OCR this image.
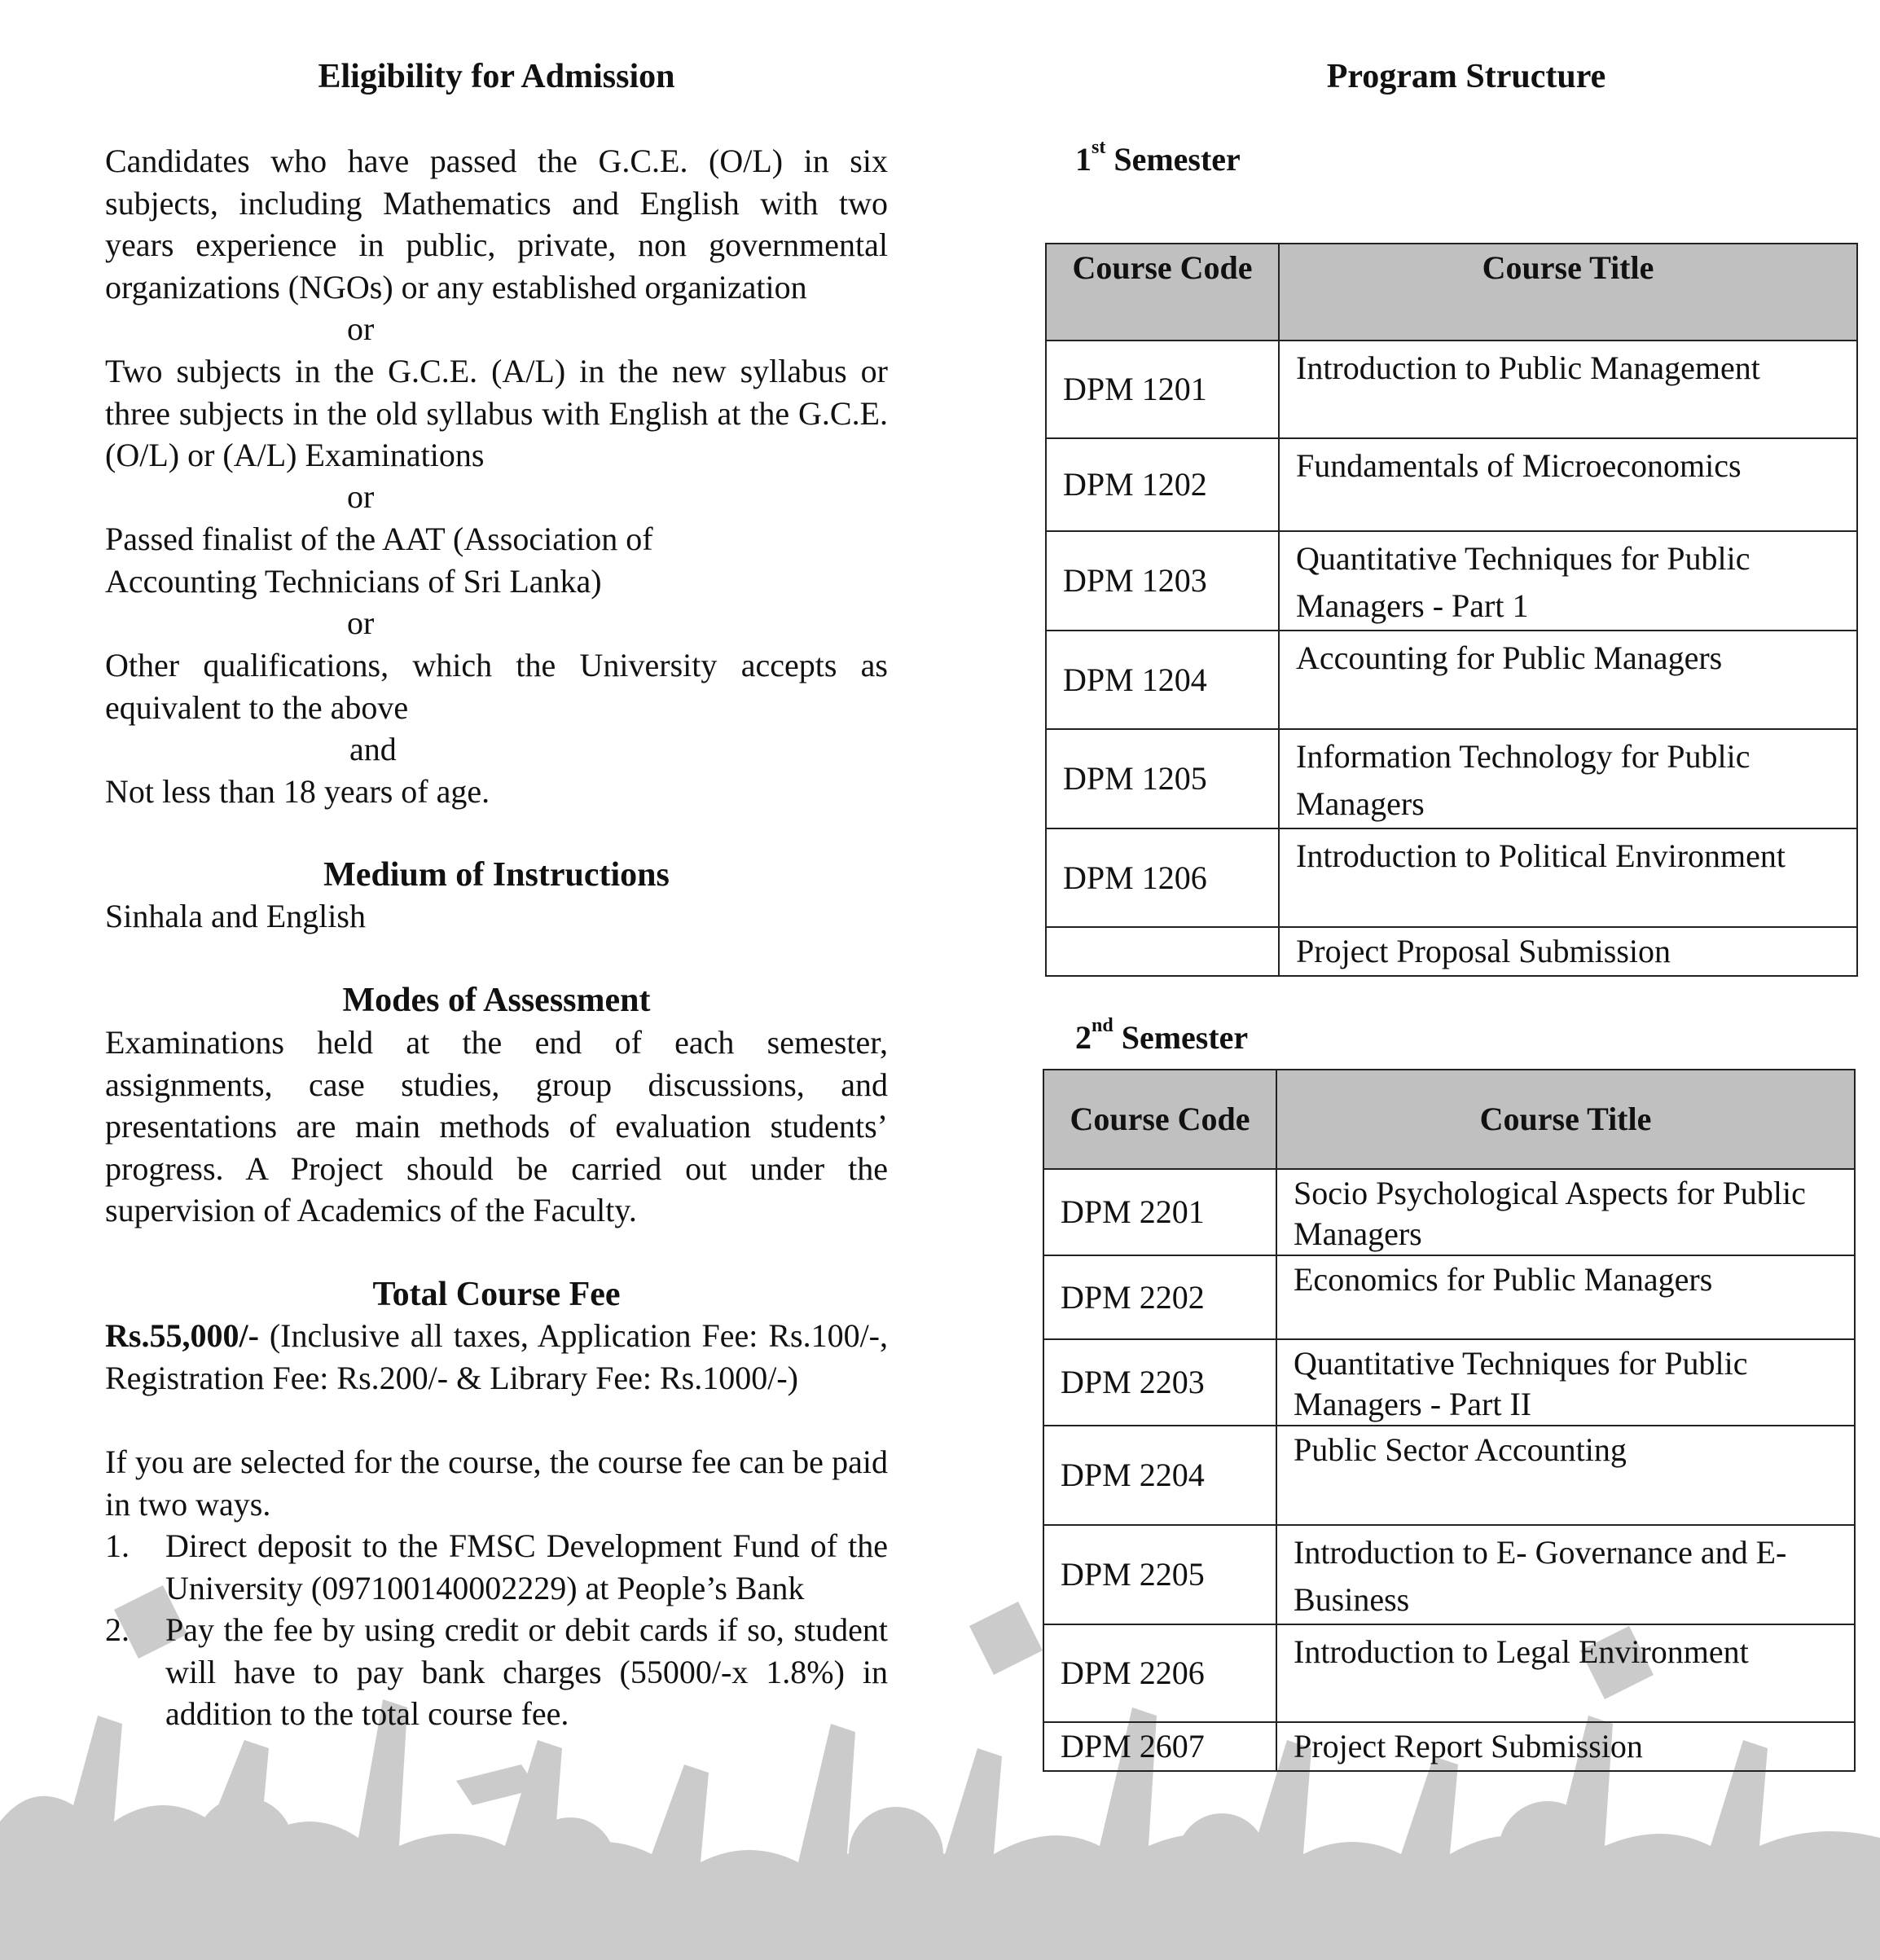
Eligibility for Admission
Candidates who have passed the G.C.E. (O/L) in six subjects, including Mathematics and English with two years experience in public, private, non governmental organizations (NGOs) or any established organization
or
Two subjects in the G.C.E. (A/L) in the new syllabus or three subjects in the old syllabus with English at the G.C.E. (O/L) or (A/L) Examinations
or
Passed finalist of the AAT (Association of
Accounting Technicians of Sri Lanka)
or
Other qualifications, which the University accepts as equivalent to the above
and
Not less than 18 years of age.
Medium of Instructions
Sinhala and English
Modes of Assessment
Examinations held at the end of each semester, assignments, case studies, group discussions, and presentations are main methods of evaluation students’ progress. A Project should be carried out under the supervision of Academics of the Faculty.
Total Course Fee
Rs.55,000/- (Inclusive all taxes, Application Fee: Rs.100/-, Registration Fee: Rs.200/- & Library Fee: Rs.1000/-)
If you are selected for the course, the course fee can be paid in two ways.
1. Direct deposit to the FMSC Development Fund of the University (097100140002229) at People’s Bank
2. Pay the fee by using credit or debit cards if so, student will have to pay bank charges (55000/-x 1.8%) in addition to the total course fee.
Program Structure
1st Semester
Course Code	Course Title
DPM 1201	Introduction to Public Management
DPM 1202	Fundamentals of Microeconomics
DPM 1203	Quantitative Techniques for Public Managers - Part 1
DPM 1204	Accounting for Public Managers
DPM 1205	Information Technology for Public Managers
DPM 1206	Introduction to Political Environment
	Project Proposal Submission
2nd Semester
Course Code	Course Title
DPM 2201	Socio Psychological Aspects for Public Managers
DPM 2202	Economics for Public Managers
DPM 2203	Quantitative Techniques for Public Managers - Part II
DPM 2204	Public Sector Accounting
DPM 2205	Introduction to E- Governance and E- Business
DPM 2206	Introduction to Legal Environment
DPM 2607	Project Report Submission
